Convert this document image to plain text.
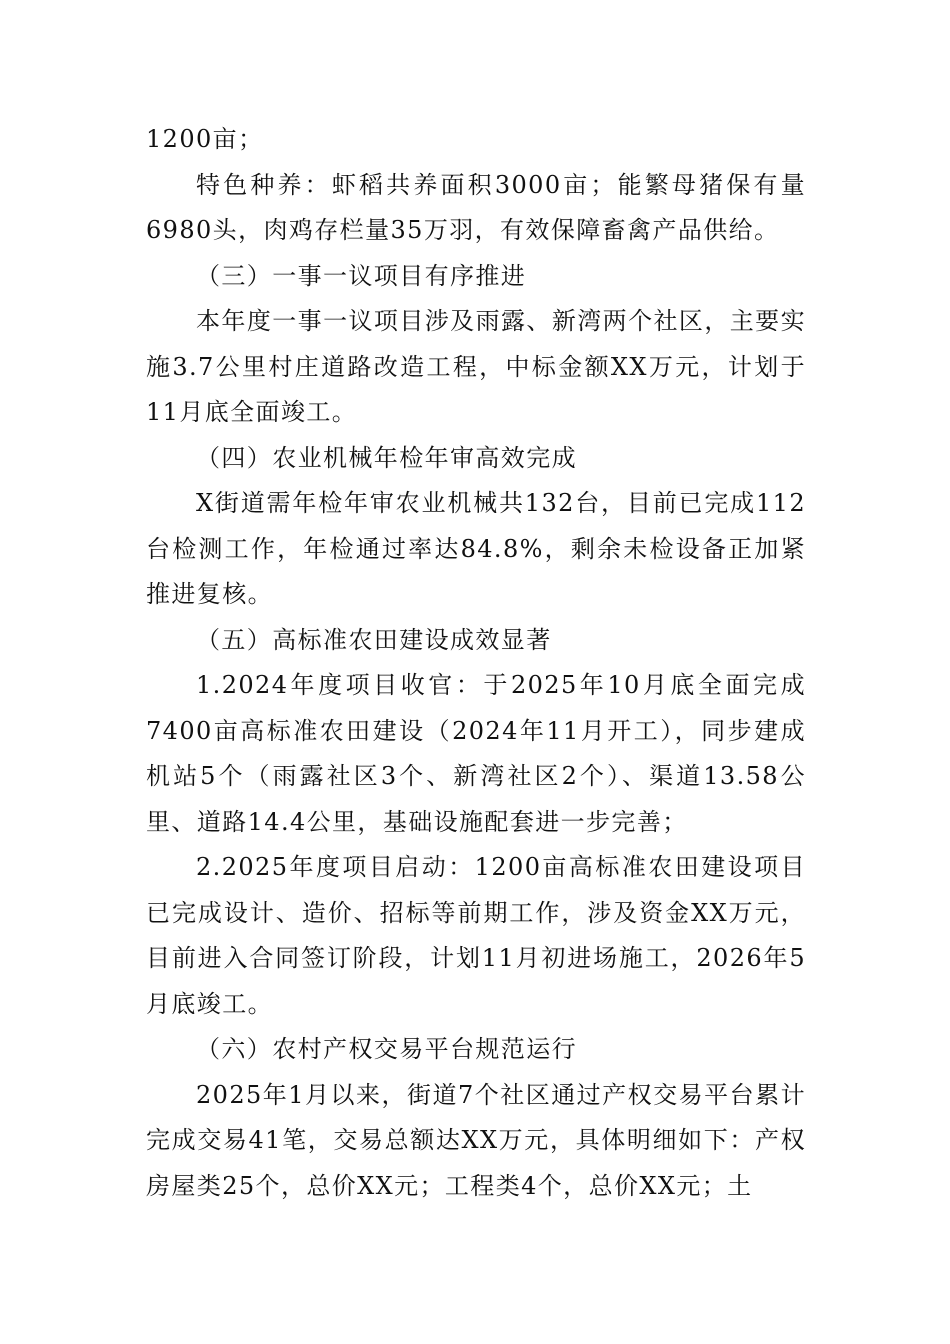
1200亩；

特色种养：虾稻共养面积3000亩；能繁母猪保有量6980头，肉鸡存栏量35万羽，有效保障畜禽产品供给。

（三）一事一议项目有序推进

本年度一事一议项目涉及雨露、新湾两个社区，主要实施3.7公里村庄道路改造工程，中标金额XX万元，计划于11月底全面竣工。

（四）农业机械年检年审高效完成

X街道需年检年审农业机械共132台，目前已完成112台检测工作，年检通过率达84.8%，剩余未检设备正加紧推进复核。

（五）高标准农田建设成效显著

1.2024年度项目收官：于2025年10月底全面完成7400亩高标准农田建设（2024年11月开工），同步建成机站5个（雨露社区3个、新湾社区2个）、渠道13.58公里、道路14.4公里，基础设施配套进一步完善；

2.2025年度项目启动：1200亩高标准农田建设项目已完成设计、造价、招标等前期工作，涉及资金XX万元，目前进入合同签订阶段，计划11月初进场施工，2026年5月底竣工。

（六）农村产权交易平台规范运行

2025年1月以来，街道7个社区通过产权交易平台累计完成交易41笔，交易总额达XX万元，具体明细如下：产权房屋类25个，总价XX元；工程类4个，总价XX元；土
